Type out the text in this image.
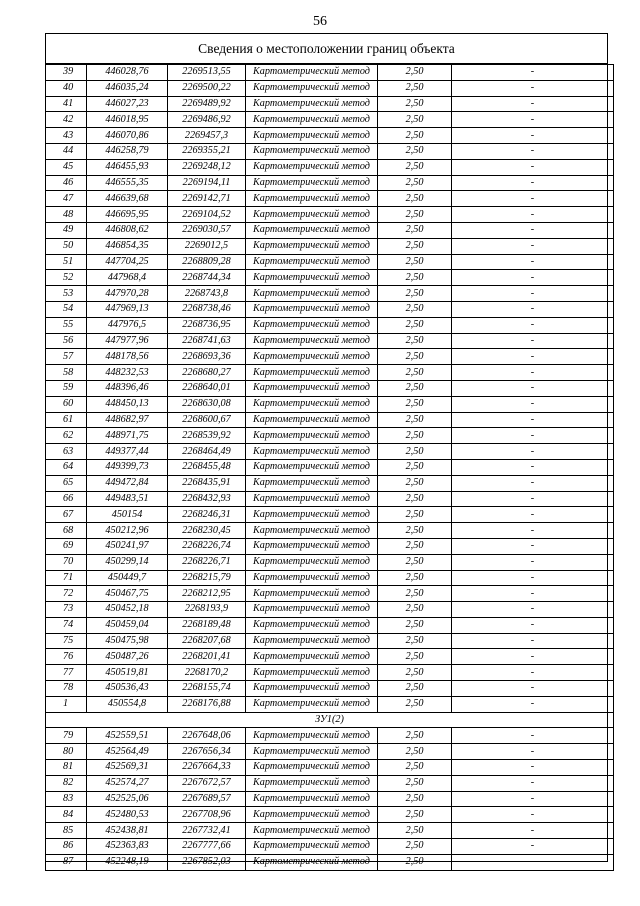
56
Сведения о местоположении границ объекта
39	446028,76	2269513,55	Картометрический метод	2,50	-
40	446035,24	2269500,22	Картометрический метод	2,50	-
41	446027,23	2269489,92	Картометрический метод	2,50	-
42	446018,95	2269486,92	Картометрический метод	2,50	-
43	446070,86	2269457,3	Картометрический метод	2,50	-
44	446258,79	2269355,21	Картометрический метод	2,50	-
45	446455,93	2269248,12	Картометрический метод	2,50	-
46	446555,35	2269194,11	Картометрический метод	2,50	-
47	446639,68	2269142,71	Картометрический метод	2,50	-
48	446695,95	2269104,52	Картометрический метод	2,50	-
49	446808,62	2269030,57	Картометрический метод	2,50	-
50	446854,35	2269012,5	Картометрический метод	2,50	-
51	447704,25	2268809,28	Картометрический метод	2,50	-
52	447968,4	2268744,34	Картометрический метод	2,50	-
53	447970,28	2268743,8	Картометрический метод	2,50	-
54	447969,13	2268738,46	Картометрический метод	2,50	-
55	447976,5	2268736,95	Картометрический метод	2,50	-
56	447977,96	2268741,63	Картометрический метод	2,50	-
57	448178,56	2268693,36	Картометрический метод	2,50	-
58	448232,53	2268680,27	Картометрический метод	2,50	-
59	448396,46	2268640,01	Картометрический метод	2,50	-
60	448450,13	2268630,08	Картометрический метод	2,50	-
61	448682,97	2268600,67	Картометрический метод	2,50	-
62	448971,75	2268539,92	Картометрический метод	2,50	-
63	449377,44	2268464,49	Картометрический метод	2,50	-
64	449399,73	2268455,48	Картометрический метод	2,50	-
65	449472,84	2268435,91	Картометрический метод	2,50	-
66	449483,51	2268432,93	Картометрический метод	2,50	-
67	450154	2268246,31	Картометрический метод	2,50	-
68	450212,96	2268230,45	Картометрический метод	2,50	-
69	450241,97	2268226,74	Картометрический метод	2,50	-
70	450299,14	2268226,71	Картометрический метод	2,50	-
71	450449,7	2268215,79	Картометрический метод	2,50	-
72	450467,75	2268212,95	Картометрический метод	2,50	-
73	450452,18	2268193,9	Картометрический метод	2,50	-
74	450459,04	2268189,48	Картометрический метод	2,50	-
75	450475,98	2268207,68	Картометрический метод	2,50	-
76	450487,26	2268201,41	Картометрический метод	2,50	-
77	450519,81	2268170,2	Картометрический метод	2,50	-
78	450536,43	2268155,74	Картометрический метод	2,50	-
1	450554,8	2268176,88	Картометрический метод	2,50	-
ЗУ1(2)					
79	452559,51	2267648,06	Картометрический метод	2,50	-
80	452564,49	2267656,34	Картометрический метод	2,50	-
81	452569,31	2267664,33	Картометрический метод	2,50	-
82	452574,27	2267672,57	Картометрический метод	2,50	-
83	452525,06	2267689,57	Картометрический метод	2,50	-
84	452480,53	2267708,96	Картометрический метод	2,50	-
85	452438,81	2267732,41	Картометрический метод	2,50	-
86	452363,83	2267777,66	Картометрический метод	2,50	-
87	452248,19	2267852,03	Картометрический метод	2,50	-
